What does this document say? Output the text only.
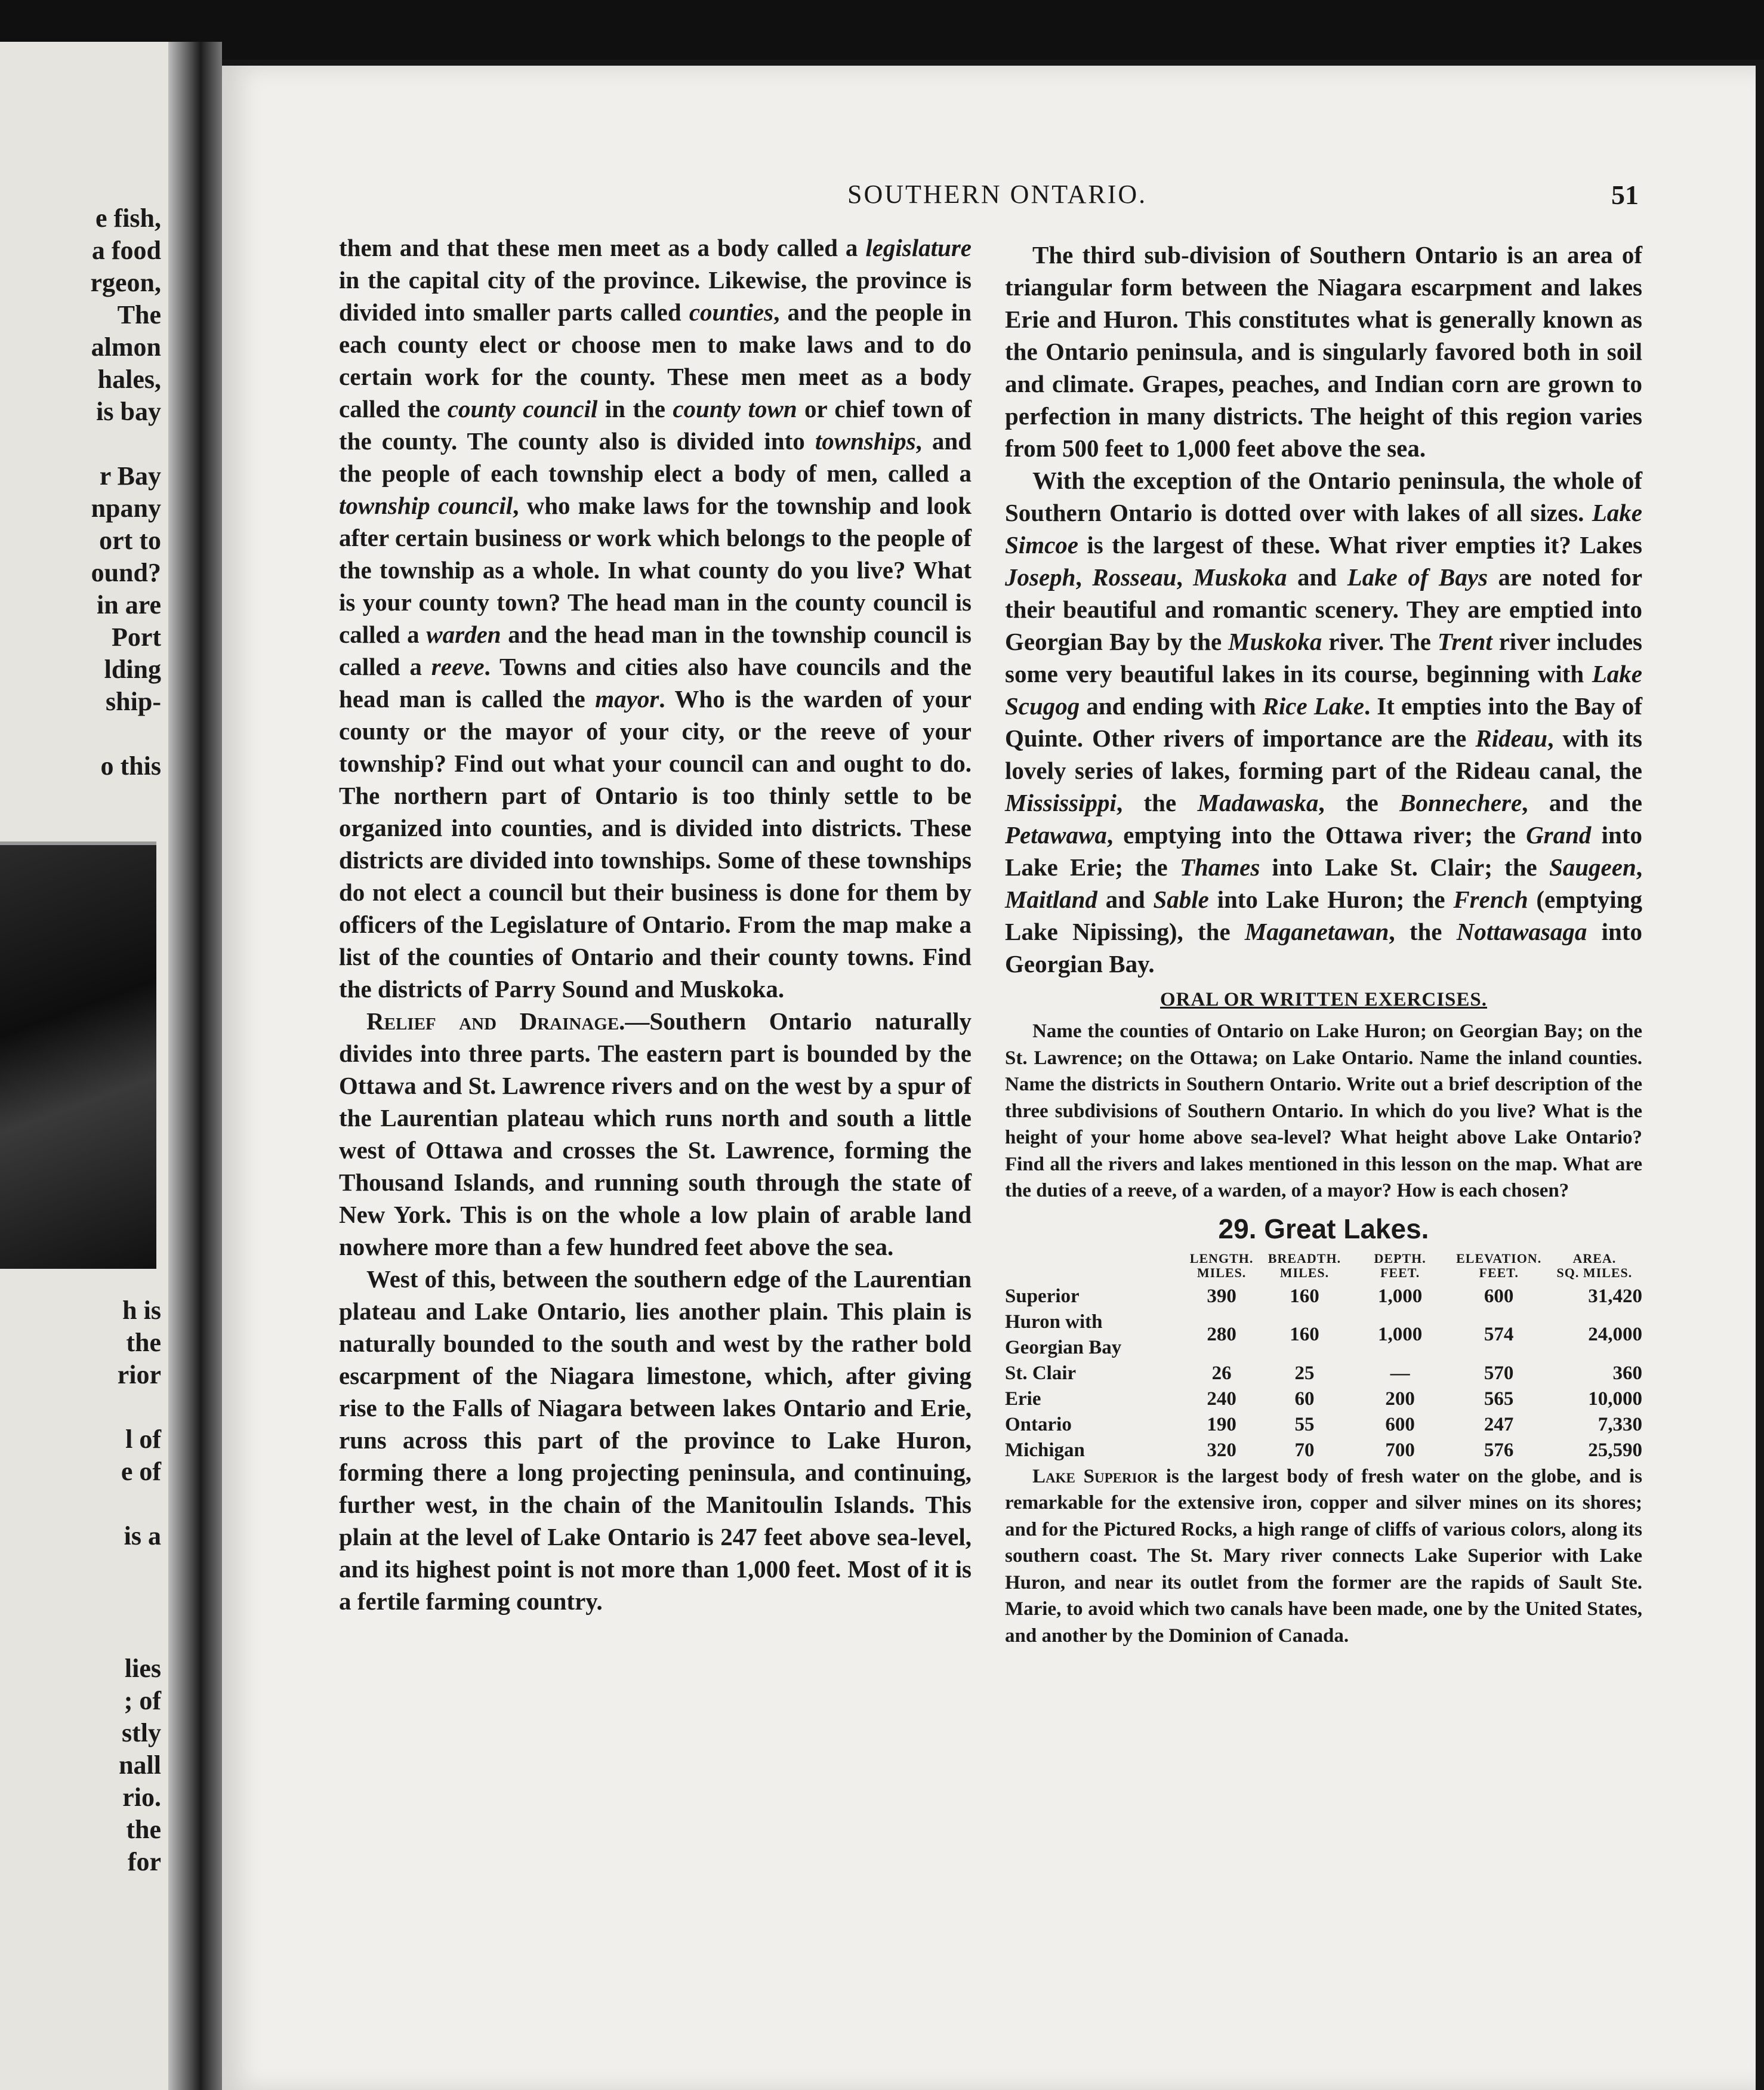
e fish,
a food
rgeon,
The
almon
hales,
is bay
r Bay
npany
ort to
ound?
in are
Port
lding
ship-
o this
h is
the
rior
l of
e of
is a
lies
; of
stly
nall
rio.
the
for
SOUTHERN ONTARIO.	51

them and that these men meet as a body called a legislature in the capital city of the province. Likewise, the province is divided into smaller parts called counties, and the people in each county elect or choose men to make laws and to do certain work for the county. These men meet as a body called the county council in the county town or chief town of the county. The county also is divided into townships, and the people of each township elect a body of men, called a township council, who make laws for the township and look after certain business or work which belongs to the people of the township as a whole. In what county do you live? What is your county town? The head man in the county council is called a warden and the head man in the township council is called a reeve. Towns and cities also have councils and the head man is called the mayor. Who is the warden of your county or the mayor of your city, or the reeve of your township? Find out what your council can and ought to do. The northern part of Ontario is too thinly settle to be organized into counties, and is divided into districts. These districts are divided into townships. Some of these townships do not elect a council but their business is done for them by officers of the Legislature of Ontario. From the map make a list of the counties of Ontario and their county towns. Find the districts of Parry Sound and Muskoka.

Relief and Drainage.—Southern Ontario naturally divides into three parts. The eastern part is bounded by the Ottawa and St. Lawrence rivers and on the west by a spur of the Laurentian plateau which runs north and south a little west of Ottawa and crosses the St. Lawrence, forming the Thousand Islands, and running south through the state of New York. This is on the whole a low plain of arable land nowhere more than a few hundred feet above the sea.

West of this, between the southern edge of the Laurentian plateau and Lake Ontario, lies another plain. This plain is naturally bounded to the south and west by the rather bold escarpment of the Niagara limestone, which, after giving rise to the Falls of Niagara between lakes Ontario and Erie, runs across this part of the province to Lake Huron, forming there a long projecting peninsula, and continuing, further west, in the chain of the Manitoulin Islands. This plain at the level of Lake Ontario is 247 feet above sea-level, and its highest point is not more than 1,000 feet. Most of it is a fertile farming country.

The third sub-division of Southern Ontario is an area of triangular form between the Niagara escarpment and lakes Erie and Huron. This constitutes what is generally known as the Ontario peninsula, and is singularly favored both in soil and climate. Grapes, peaches, and Indian corn are grown to perfection in many districts. The height of this region varies from 500 feet to 1,000 feet above the sea.

With the exception of the Ontario peninsula, the whole of Southern Ontario is dotted over with lakes of all sizes. Lake Simcoe is the largest of these. What river empties it? Lakes Joseph, Rosseau, Muskoka and Lake of Bays are noted for their beautiful and romantic scenery. They are emptied into Georgian Bay by the Muskoka river. The Trent river includes some very beautiful lakes in its course, beginning with Lake Scugog and ending with Rice Lake. It empties into the Bay of Quinte. Other rivers of importance are the Rideau, with its lovely series of lakes, forming part of the Rideau canal, the Mississippi, the Madawaska, the Bonnechere, and the Petawawa, emptying into the Ottawa river; the Grand into Lake Erie; the Thames into Lake St. Clair; the Saugeen, Maitland and Sable into Lake Huron; the French (emptying Lake Nipissing), the Maganetawan, the Nottawasaga into Georgian Bay.

ORAL OR WRITTEN EXERCISES.

Name the counties of Ontario on Lake Huron; on Georgian Bay; on the St. Lawrence; on the Ottawa; on Lake Ontario. Name the inland counties. Name the districts in Southern Ontario. Write out a brief description of the three subdivisions of Southern Ontario. In which do you live? What is the height of your home above sea-level? What height above Lake Ontario? Find all the rivers and lakes mentioned in this lesson on the map. What are the duties of a reeve, of a warden, of a mayor? How is each chosen?

29. Great Lakes.
	LENGTH.
MILES.	BREADTH.
MILES.	DEPTH.
FEET.	ELEVATION.
FEET.	AREA.
SQ. MILES.
Superior	390	160	1,000	600	31,420
Huron with
Georgian Bay	280	160	1,000	574	24,000
St. Clair	26	25	—	570	360
Erie	240	60	200	565	10,000
Ontario	190	55	600	247	7,330
Michigan	320	70	700	576	25,590

Lake Superior is the largest body of fresh water on the globe, and is remarkable for the extensive iron, copper and silver mines on its shores; and for the Pictured Rocks, a high range of cliffs of various colors, along its southern coast. The St. Mary river connects Lake Superior with Lake Huron, and near its outlet from the former are the rapids of Sault Ste. Marie, to avoid which two canals have been made, one by the United States, and another by the Dominion of Canada.
